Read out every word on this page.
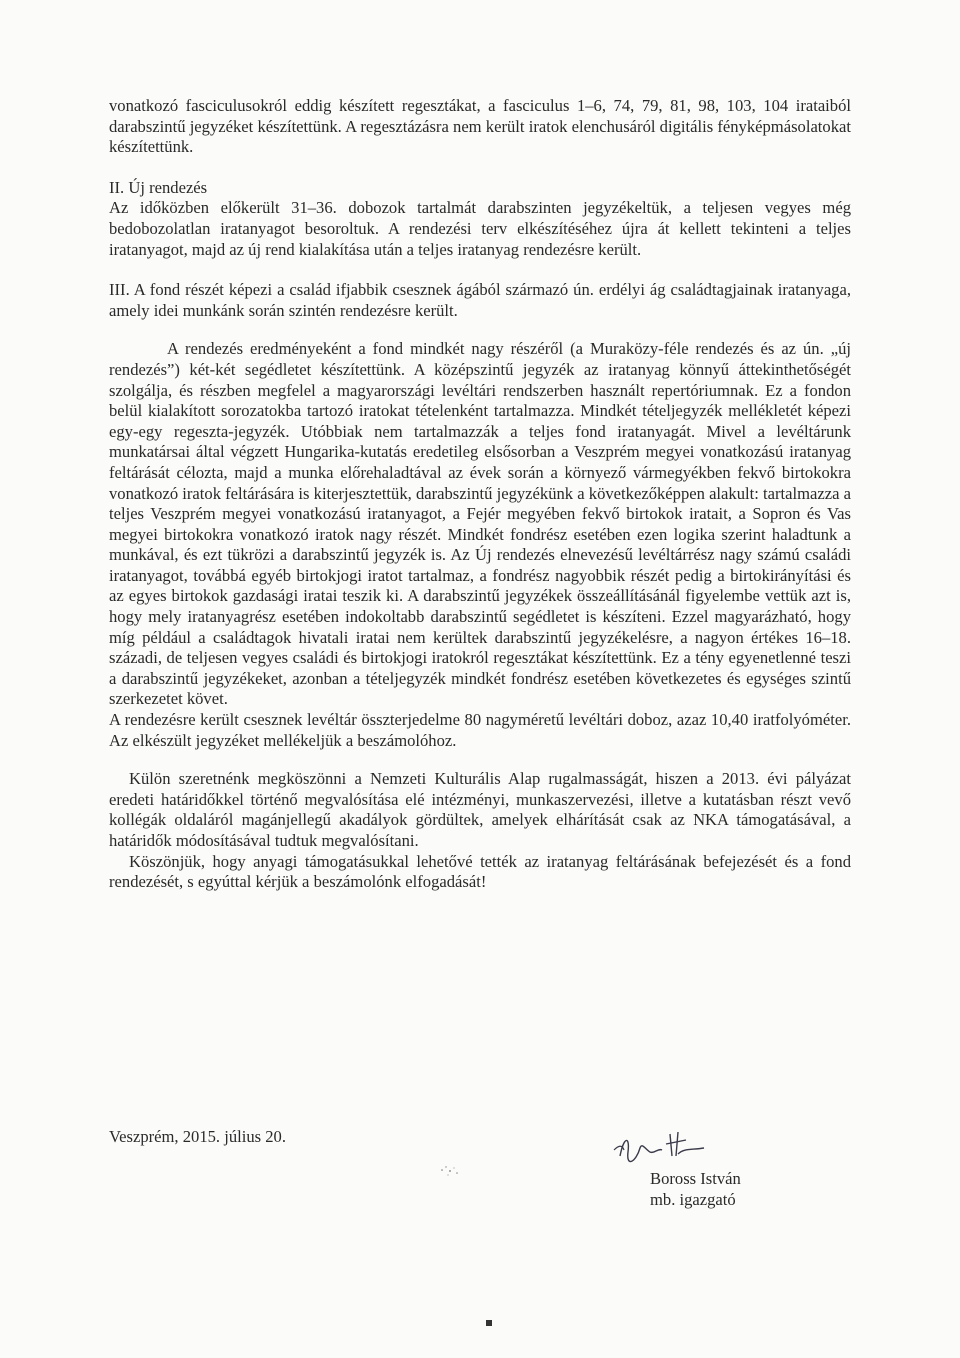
vonatkozó fasciculusokról eddig készített regesztákat, a fasciculus 1–6, 74, 79, 81, 98, 103, 104 irataiból darabszintű jegyzéket készítettünk. A regesztázásra nem került iratok elenchusáról digitális fényképmásolatokat készítettünk.

II. Új rendezés

Az időközben előkerült 31–36. dobozok tartalmát darabszinten jegyzékeltük, a teljesen vegyes még bedobozolatlan iratanyagot besoroltuk. A rendezési terv elkészítéséhez újra át kellett tekinteni a teljes iratanyagot, majd az új rend kialakítása után a teljes iratanyag rendezésre került.

III. A fond részét képezi a család ifjabbik csesznek ágából származó ún. erdélyi ág családtagjainak iratanyaga, amely idei munkánk során szintén rendezésre került.

A rendezés eredményeként a fond mindkét nagy részéről (a Muraközy-féle rendezés és az ún. „új rendezés”) két-két segédletet készítettünk. A középszintű jegyzék az iratanyag könnyű áttekinthetőségét szolgálja, és részben megfelel a magyarországi levéltári rendszerben használt repertóriumnak. Ez a fondon belül kialakított sorozatokba tartozó iratokat tételenként tartalmazza. Mindkét tételjegyzék mellékletét képezi egy-egy regeszta-jegyzék. Utóbbiak nem tartalmazzák a teljes fond iratanyagát. Mivel a levéltárunk munkatársai által végzett Hungarika-kutatás eredetileg elsősorban a Veszprém megyei vonatkozású iratanyag feltárását célozta, majd a munka előrehaladtával az évek során a környező vármegyékben fekvő birtokokra vonatkozó iratok feltárására is kiterjesztettük, darabszintű jegyzékünk a következőképpen alakult: tartalmazza a teljes Veszprém megyei vonatkozású iratanyagot, a Fejér megyében fekvő birtokok iratait, a Sopron és Vas megyei birtokokra vonatkozó iratok nagy részét. Mindkét fondrész esetében ezen logika szerint haladtunk a munkával, és ezt tükrözi a darabszintű jegyzék is. Az Új rendezés elnevezésű levéltárrész nagy számú családi iratanyagot, továbbá egyéb birtokjogi iratot tartalmaz, a fondrész nagyobbik részét pedig a birtokirányítási és az egyes birtokok gazdasági iratai teszik ki. A darabszintű jegyzékek összeállításánál figyelembe vettük azt is, hogy mely iratanyagrész esetében indokoltabb darabszintű segédletet is készíteni. Ezzel magyarázható, hogy míg például a családtagok hivatali iratai nem kerültek darabszintű jegyzékelésre, a nagyon értékes 16–18. századi, de teljesen vegyes családi és birtokjogi iratokról regesztákat készítettünk. Ez a tény egyenetlenné teszi a darabszintű jegyzékeket, azonban a tételjegyzék mindkét fondrész esetében következetes és egységes szintű szerkezetet követ.

A rendezésre került csesznek levéltár összterjedelme 80 nagyméretű levéltári doboz, azaz 10,40 iratfolyóméter. Az elkészült jegyzéket mellékeljük a beszámolóhoz.

Külön szeretnénk megköszönni a Nemzeti Kulturális Alap rugalmasságát, hiszen a 2013. évi pályázat eredeti határidőkkel történő megvalósítása elé intézményi, munkaszervezési, illetve a kutatásban részt vevő kollégák oldaláról magánjellegű akadályok gördültek, amelyek elhárítását csak az NKA támogatásával, a határidők módosításával tudtuk megvalósítani.

Köszönjük, hogy anyagi támogatásukkal lehetővé tették az iratanyag feltárásának befejezését és a fond rendezését, s egyúttal kérjük a beszámolónk elfogadását!

Veszprém, 2015. július 20.
Boross István
mb. igazgató
